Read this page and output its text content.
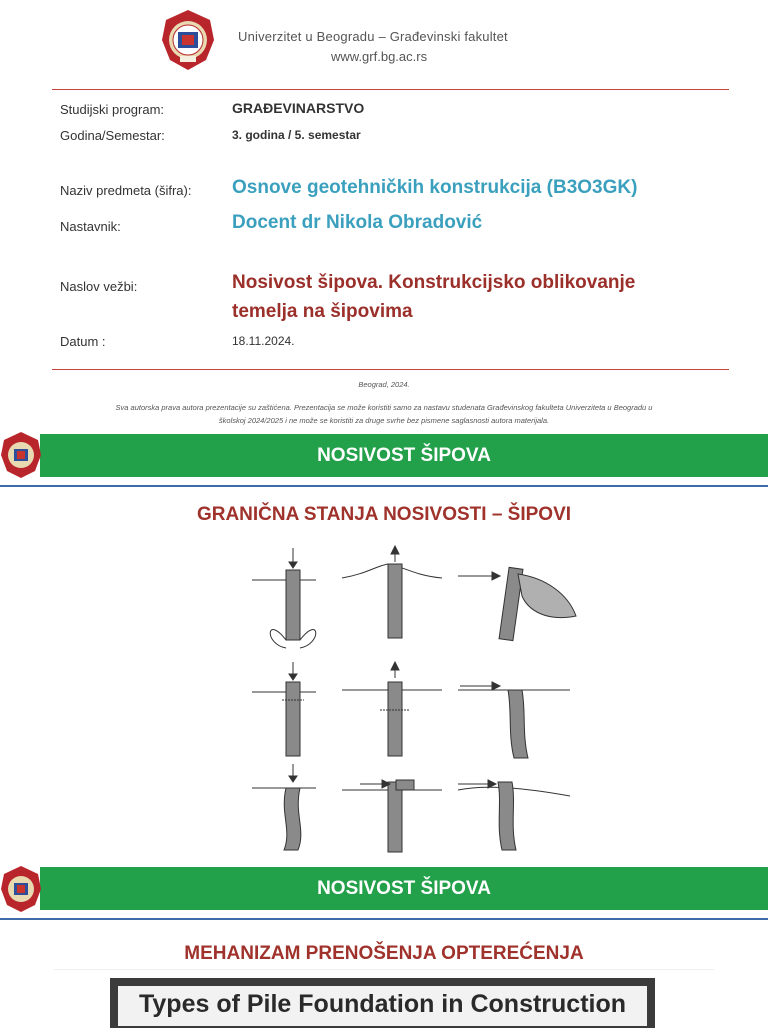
Univerzitet u Beogradu – Građevinski fakultet
www.grf.bg.ac.rs
Studijski program:	GRAĐEVINARSTVO
Godina/Semestar:	3. godina / 5. semestar
Naziv predmeta (šifra): Osnove geotehničkih konstrukcija (B3O3GK)
Nastavnik:	Docent dr Nikola Obradović
Naslov vežbi:	Nosivost šipova. Konstrukcijsko oblikovanje
temelja na šipovima
Datum :	18.11.2024.
Beograd, 2024.
Sva autorska prava autora prezentacije su zaštićena. Prezentacija se može koristiti samo za nastavu studenata Građevinskog fakulteta Univerziteta u Beogradu u
školskoj 2024/2025 i ne može se koristiti za druge svrhe bez pismene saglasnosti autora materijala.
NOSIVOST ŠIPOVA
GRANIČNA STANJA NOSIVOSTI – ŠIPOVI
NOSIVOST ŠIPOVA
MEHANIZAM PRENOŠENJA OPTEREĆENJA
Types of Pile Foundation in Construction
